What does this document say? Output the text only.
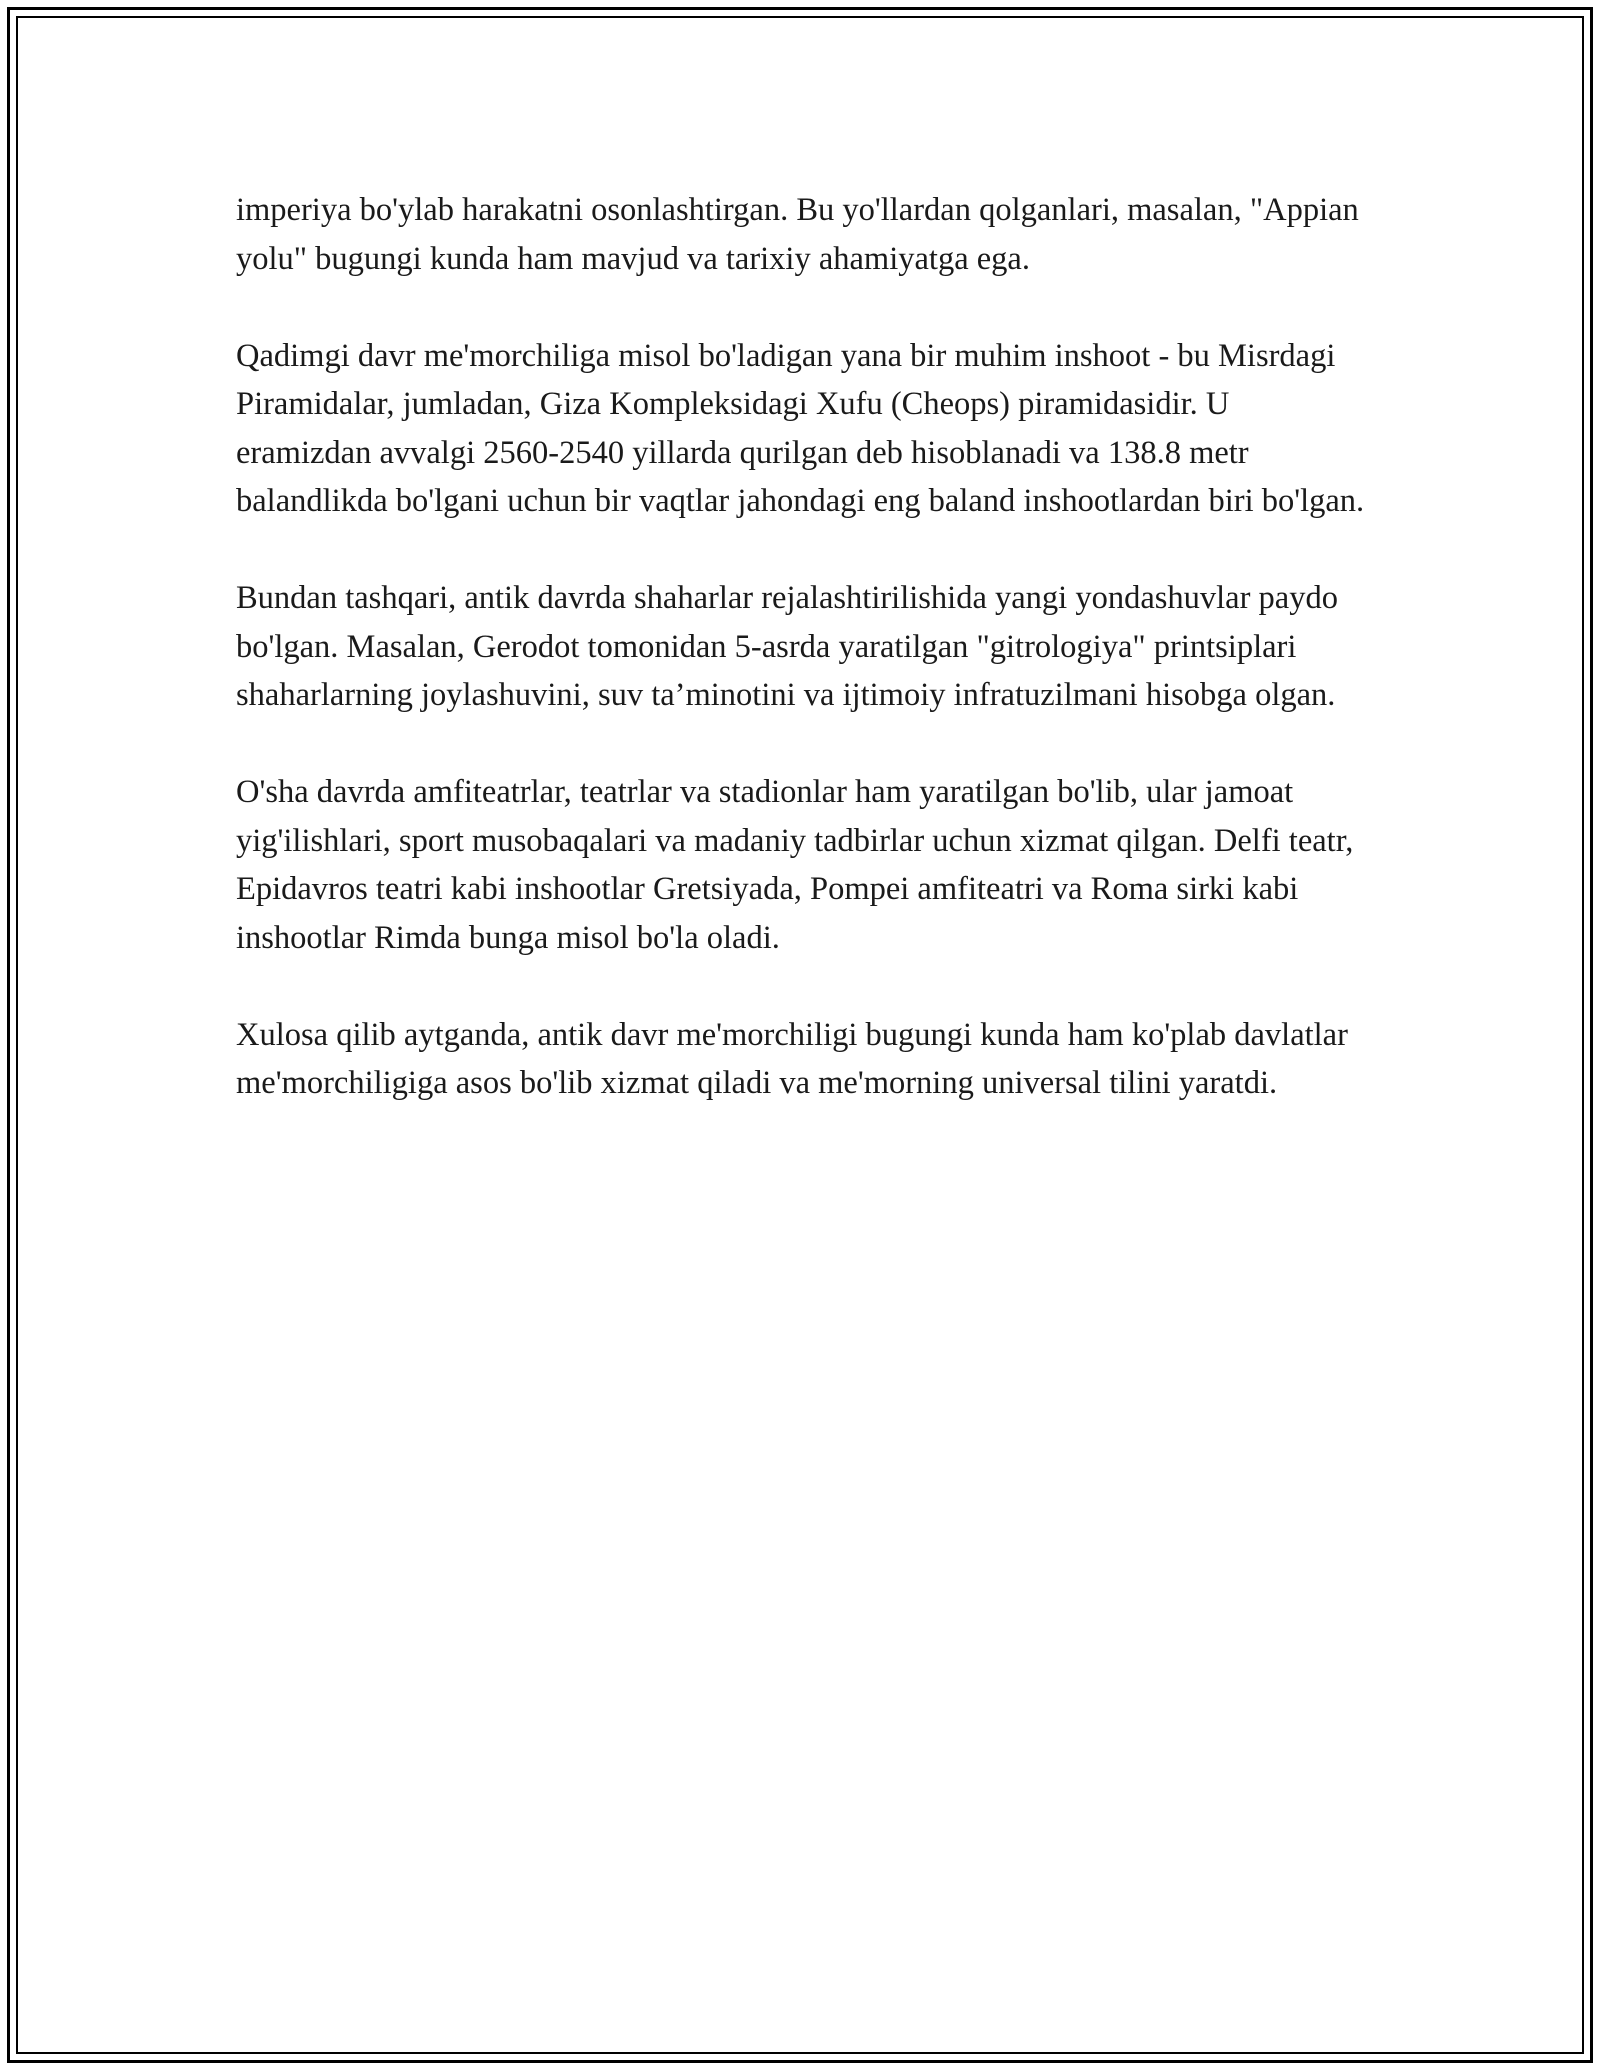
imperiya bo'ylab harakatni osonlashtirgan. Bu yo'llardan qolganlari, masalan, "Appian yolu" bugungi kunda ham mavjud va tarixiy ahamiyatga ega.

Qadimgi davr me'morchiliga misol bo'ladigan yana bir muhim inshoot - bu Misrdagi Piramidalar, jumladan, Giza Kompleksidagi Xufu (Cheops) piramidasidir. U eramizdan avvalgi 2560-2540 yillarda qurilgan deb hisoblanadi va 138.8 metr balandlikda bo'lgani uchun bir vaqtlar jahondagi eng baland inshootlardan biri bo'lgan.

Bundan tashqari, antik davrda shaharlar rejalashtirilishida yangi yondashuvlar paydo bo'lgan. Masalan, Gerodot tomonidan 5-asrda yaratilgan "gitrologiya" printsiplari shaharlarning joylashuvini, suv ta’minotini va ijtimoiy infratuzilmani hisobga olgan.

O'sha davrda amfiteatrlar, teatrlar va stadionlar ham yaratilgan bo'lib, ular jamoat yig'ilishlari, sport musobaqalari va madaniy tadbirlar uchun xizmat qilgan. Delfi teatr, Epidavros teatri kabi inshootlar Gretsiyada, Pompei amfiteatri va Roma sirki kabi inshootlar Rimda bunga misol bo'la oladi.

Xulosa qilib aytganda, antik davr me'morchiligi bugungi kunda ham ko'plab davlatlar me'morchiligiga asos bo'lib xizmat qiladi va me'morning universal tilini yaratdi.
